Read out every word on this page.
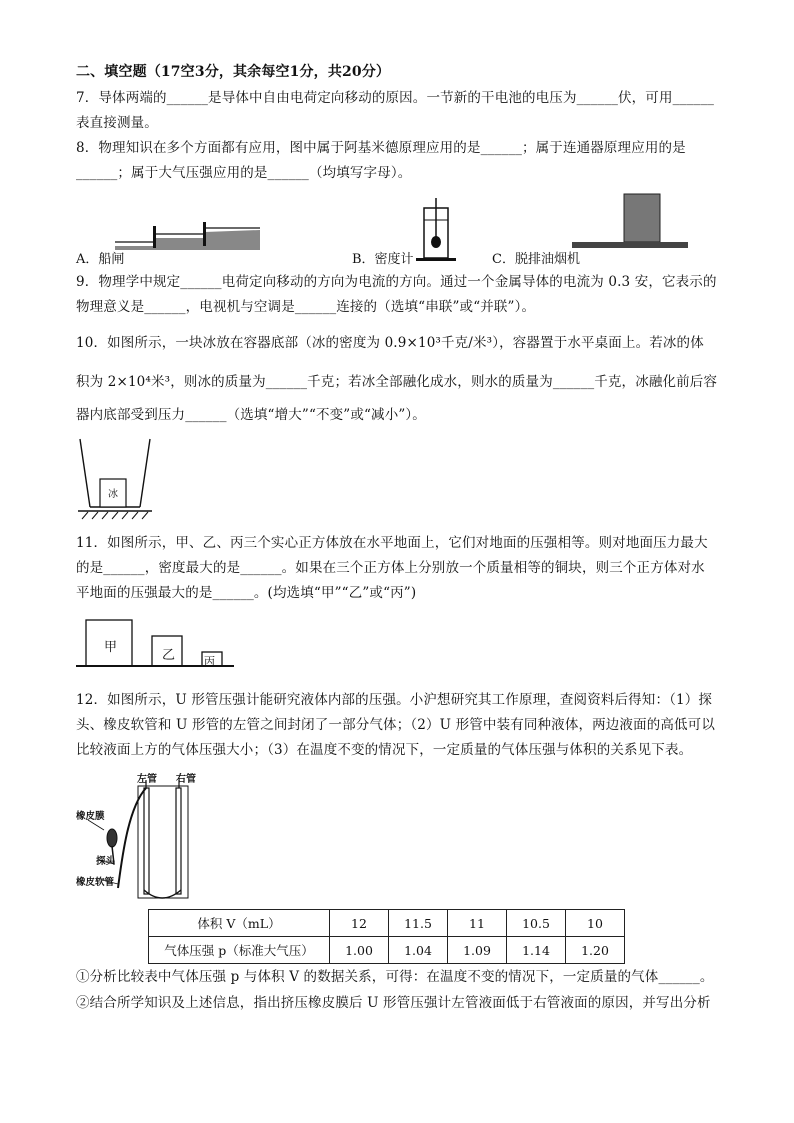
二、填空题（17空3分，其余每空1分，共20分）
7．导体两端的______是导体中自由电荷定向移动的原因。一节新的干电池的电压为______伏，可用______
表直接测量。
8．物理知识在多个方面都有应用，图中属于阿基米德原理应用的是______；属于连通器原理应用的是
______；属于大气压强应用的是______（均填写字母）。
A．船闸	B．密度计	C．脱排油烟机
9．物理学中规定______电荷定向移动的方向为电流的方向。通过一个金属导体的电流为 0.3 安，它表示的
物理意义是______，电视机与空调是______连接的（选填“串联”或“并联”）。
10．如图所示，一块冰放在容器底部（冰的密度为 0.9×10³千克/米³），容器置于水平桌面上。若冰的体
积为 2×10⁴米³，则冰的质量为______千克；若冰全部融化成水，则水的质量为______千克，冰融化前后容
器内底部受到压力______（选填“增大”“不变”或“减小”）。
冰
11．如图所示，甲、乙、丙三个实心正方体放在水平地面上，它们对地面的压强相等。则对地面压力最大
的是______，密度最大的是______。如果在三个正方体上分别放一个质量相等的铜块，则三个正方体对水
平地面的压强最大的是______。(均选填“甲”“乙”或“丙”)
甲
乙	丙
12．如图所示，U 形管压强计能研究液体内部的压强。小沪想研究其工作原理，查阅资料后得知：（1）探
头、橡皮软管和 U 形管的左管之间封闭了一部分气体；（2）U 形管中装有同种液体，两边液面的高低可以
比较液面上方的气体压强大小；（3）在温度不变的情况下，一定质量的气体压强与体积的关系见下表。
左管 右管
橡皮膜
探头
橡皮软管
体积 V（mL）	12	11.5	11	10.5	10
气体压强 p（标准大气压）	1.00	1.04	1.09	1.14	1.20
①分析比较表中气体压强 p 与体积 V 的数据关系，可得：在温度不变的情况下，一定质量的气体______。
②结合所学知识及上述信息，指出挤压橡皮膜后 U 形管压强计左管液面低于右管液面的原因，并写出分析
